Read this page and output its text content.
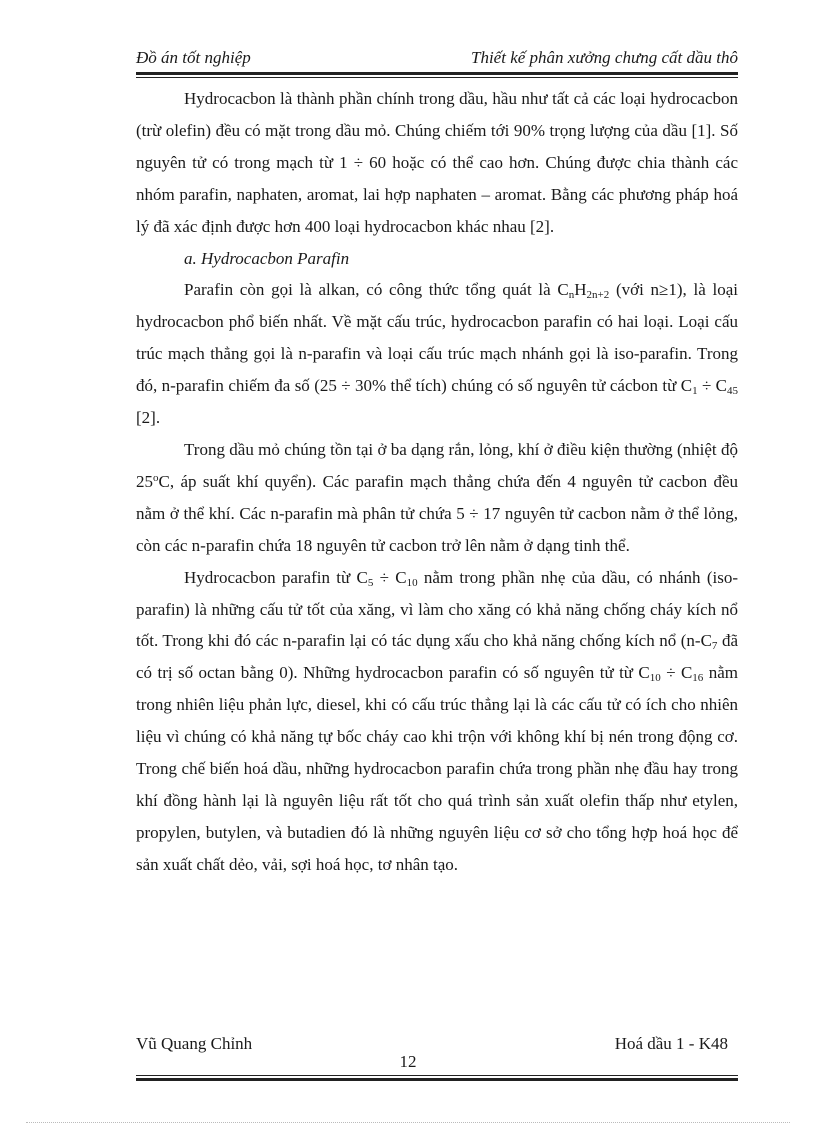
Đồ án tốt nghiệp	Thiết kế phân xưởng chưng cất dầu thô

Hydrocacbon là thành phần chính trong dầu, hầu như tất cả các loại hydrocacbon (trừ olefin) đều có mặt trong dầu mỏ. Chúng chiếm tới 90% trọng lượng của dầu [1]. Số nguyên tử có trong mạch từ 1 ÷ 60 hoặc có thể cao hơn. Chúng được chia thành các nhóm parafin, naphaten, aromat, lai hợp naphaten – aromat. Bằng các phương pháp hoá lý đã xác định được hơn 400 loại hydrocacbon khác nhau [2].

a. Hydrocacbon Parafin

Parafin còn gọi là alkan, có công thức tổng quát là $C_nH_{2n+2}$ (với n≥1), là loại hydrocacbon phổ biến nhất. Về mặt cấu trúc, hydrocacbon parafin có hai loại. Loại cấu trúc mạch thẳng gọi là n-parafin và loại cấu trúc mạch nhánh gọi là iso-parafin. Trong đó, n-parafin chiếm đa số (25 ÷ 30% thể tích) chúng có số nguyên tử cácbon từ $C_1 \div C_{45}$ [2].

Trong dầu mỏ chúng tồn tại ở ba dạng rắn, lỏng, khí ở điều kiện thường (nhiệt độ 25$^o$C, áp suất khí quyển). Các parafin mạch thẳng chứa đến 4 nguyên tử cacbon đều nằm ở thể khí. Các n-parafin mà phân tử chứa 5 ÷ 17 nguyên tử cacbon nằm ở thể lỏng, còn các n-parafin chứa 18 nguyên tử cacbon trở lên nằm ở dạng tinh thể.

Hydrocacbon parafin từ $C_5 \div C_{10}$ nằm trong phần nhẹ của dầu, có nhánh (iso-parafin) là những cấu tử tốt của xăng, vì làm cho xăng có khả năng chống cháy kích nổ tốt. Trong khi đó các n-parafin lại có tác dụng xấu cho khả năng chống kích nổ ($n-C_7$ đã có trị số octan bằng 0). Những hydrocacbon parafin có số nguyên tử từ $C_{10} \div C_{16}$ nằm trong nhiên liệu phản lực, diesel, khi có cấu trúc thẳng lại là các cấu tử có ích cho nhiên liệu vì chúng có khả năng tự bốc cháy cao khi trộn với không khí bị nén trong động cơ. Trong chế biến hoá dầu, những hydrocacbon parafin chứa trong phần nhẹ đầu hay trong khí đồng hành lại là nguyên liệu rất tốt cho quá trình sản xuất olefin thấp như etylen, propylen, butylen, và butadien đó là những nguyên liệu cơ sở cho tổng hợp hoá học để sản xuất chất dẻo, vải, sợi hoá học, tơ nhân tạo.

Vũ Quang Chỉnh	Hoá dầu 1 - K48
12
